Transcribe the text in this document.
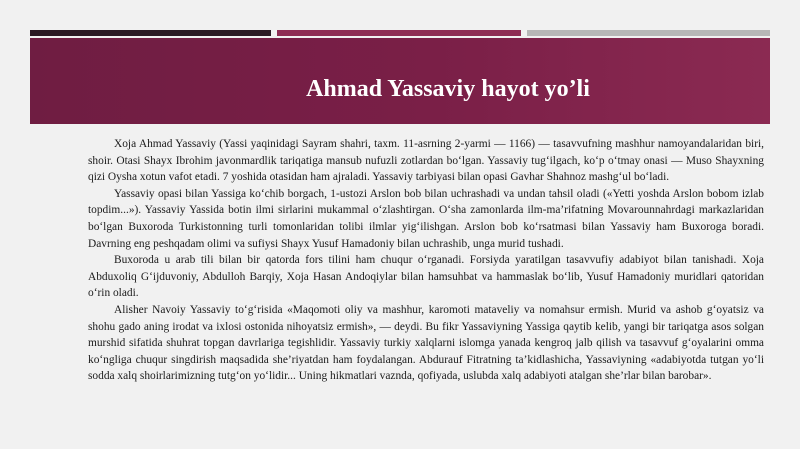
Ahmad Yassaviy hayot yo’li

Xoja Ahmad Yassaviy (Yassi yaqinidagi Sayram shahri, taxm. 11-asrning 2-yarmi — 1166) — tasavvufning mashhur namoyandalaridan biri, shoir. Otasi Shayx Ibrohim javonmardlik tariqatiga mansub nufuzli zotlardan bo‘lgan. Yassaviy tug‘ilgach, ko‘p o‘tmay onasi — Muso Shayxning qizi Oysha xotun vafot etadi. 7 yoshida otasidan ham ajraladi. Yassaviy tarbiyasi bilan opasi Gavhar Shahnoz mashg‘ul bo‘ladi.

Yassaviy opasi bilan Yassiga ko‘chib borgach, 1-ustozi Arslon bob bilan uchrashadi va undan tahsil oladi («Yetti yoshda Arslon bobom izlab topdim...»). Yassaviy Yassida botin ilmi sirlarini mukammal o‘zlashtirgan. O‘sha zamonlarda ilm-ma’rifatning Movarounnahrdagi markazlaridan bo‘lgan Buxoroda Turkistonning turli tomonlaridan tolibi ilmlar yig‘ilishgan. Arslon bob ko‘rsatmasi bilan Yassaviy ham Buxoroga boradi. Davrning eng peshqadam olimi va sufiysi Shayx Yusuf Hamadoniy bilan uchrashib, unga murid tushadi.

Buxoroda u arab tili bilan bir qatorda fors tilini ham chuqur o‘rganadi. Forsiyda yaratilgan tasavvufiy adabiyot bilan tanishadi. Xoja Abduxoliq G‘ijduvoniy, Abdulloh Barqiy, Xoja Hasan Andoqiylar bilan hamsuhbat va hammaslak bo‘lib, Yusuf Hamadoniy muridlari qatoridan o‘rin oladi.

Alisher Navoiy Yassaviy to‘g‘risida «Maqomoti oliy va mashhur, karomoti mataveliy va nomahsur ermish. Murid va ashob g‘oyatsiz va shohu gado aning irodat va ixlosi ostonida nihoyatsiz ermish», — deydi. Bu fikr Yassaviyning Yassiga qaytib kelib, yangi bir tariqatga asos solgan murshid sifatida shuhrat topgan davrlariga tegishlidir. Yassaviy turkiy xalqlarni islomga yanada kengroq jalb qilish va tasavvuf g‘oyalarini omma ko‘ngliga chuqur singdirish maqsadida she’riyatdan ham foydalangan. Abdurauf Fitratning ta’kidlashicha, Yassaviyning «adabiyotda tutgan yo‘li sodda xalq shoirlarimizning tutg‘on yo‘lidir... Uning hikmatlari vaznda, qofiyada, uslubda xalq adabiyoti atalgan she’rlar bilan barobar».
